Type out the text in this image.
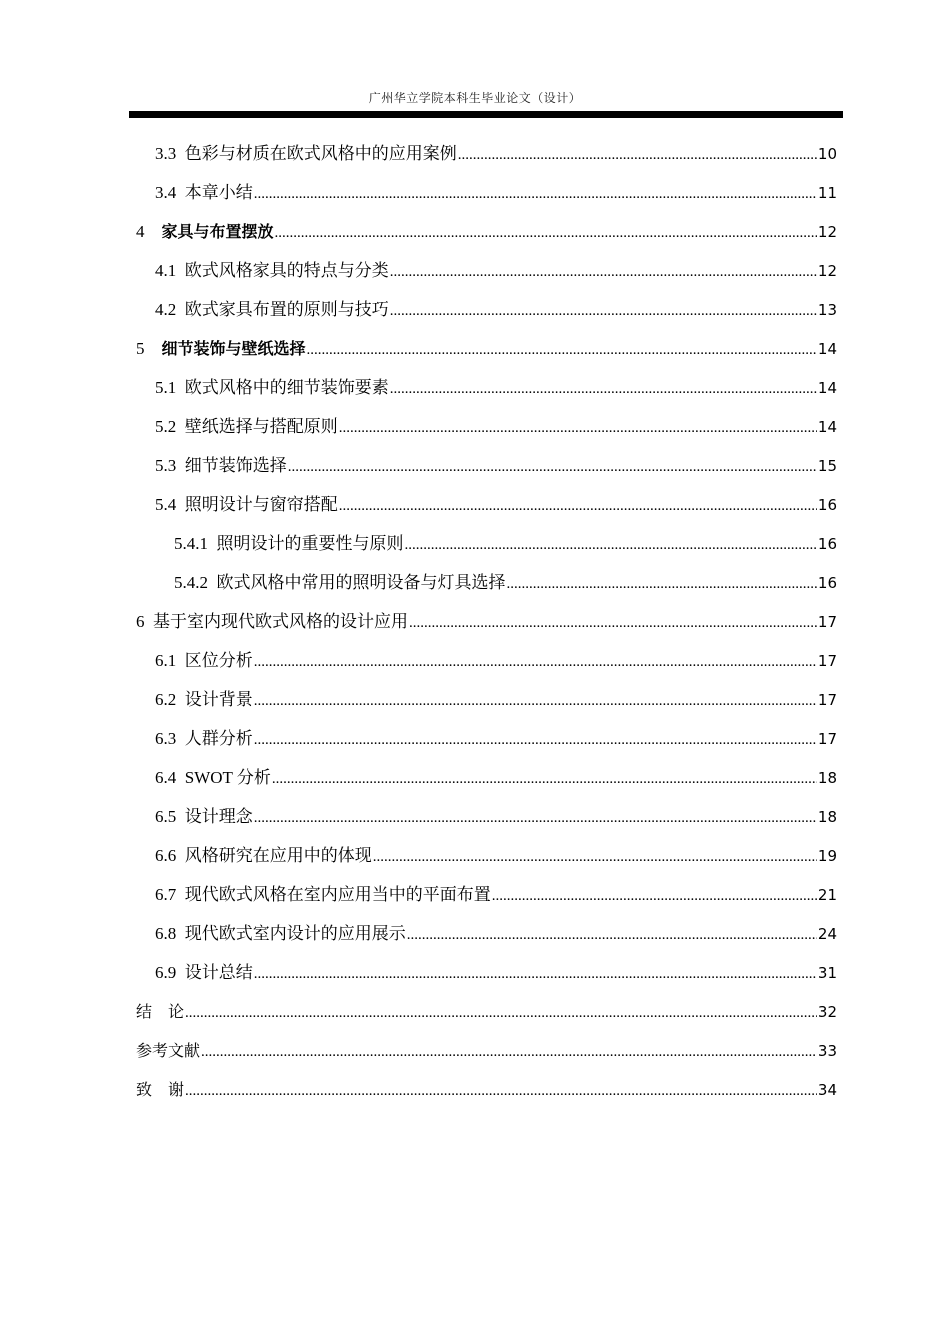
广州华立学院本科生毕业论文（设计）
3.3 色彩与材质在欧式风格中的应用案例 .....	10
3.4 本章小结 .....	11
4 家具与布置摆放 .....	12
4.1 欧式风格家具的特点与分类 .....	12
4.2 欧式家具布置的原则与技巧 .....	13
5 细节装饰与壁纸选择 .....	14
5.1 欧式风格中的细节装饰要素 .....	14
5.2 壁纸选择与搭配原则 .....	14
5.3 细节装饰选择 .....	15
5.4 照明设计与窗帘搭配 .....	16
5.4.1 照明设计的重要性与原则 .....	16
5.4.2 欧式风格中常用的照明设备与灯具选择 .....	16
6 基于室内现代欧式风格的设计应用 .....	17
6.1 区位分析 .....	17
6.2 设计背景 .....	17
6.3 人群分析 .....	17
6.4 SWOT 分析 .....	18
6.5 设计理念 .....	18
6.6 风格研究在应用中的体现 .....	19
6.7 现代欧式风格在室内应用当中的平面布置 .....	21
6.8 现代欧式室内设计的应用展示 .....	24
6.9 设计总结 .....	31
结　论 .....	32
参考文献 .....	33
致　谢 .....	34
